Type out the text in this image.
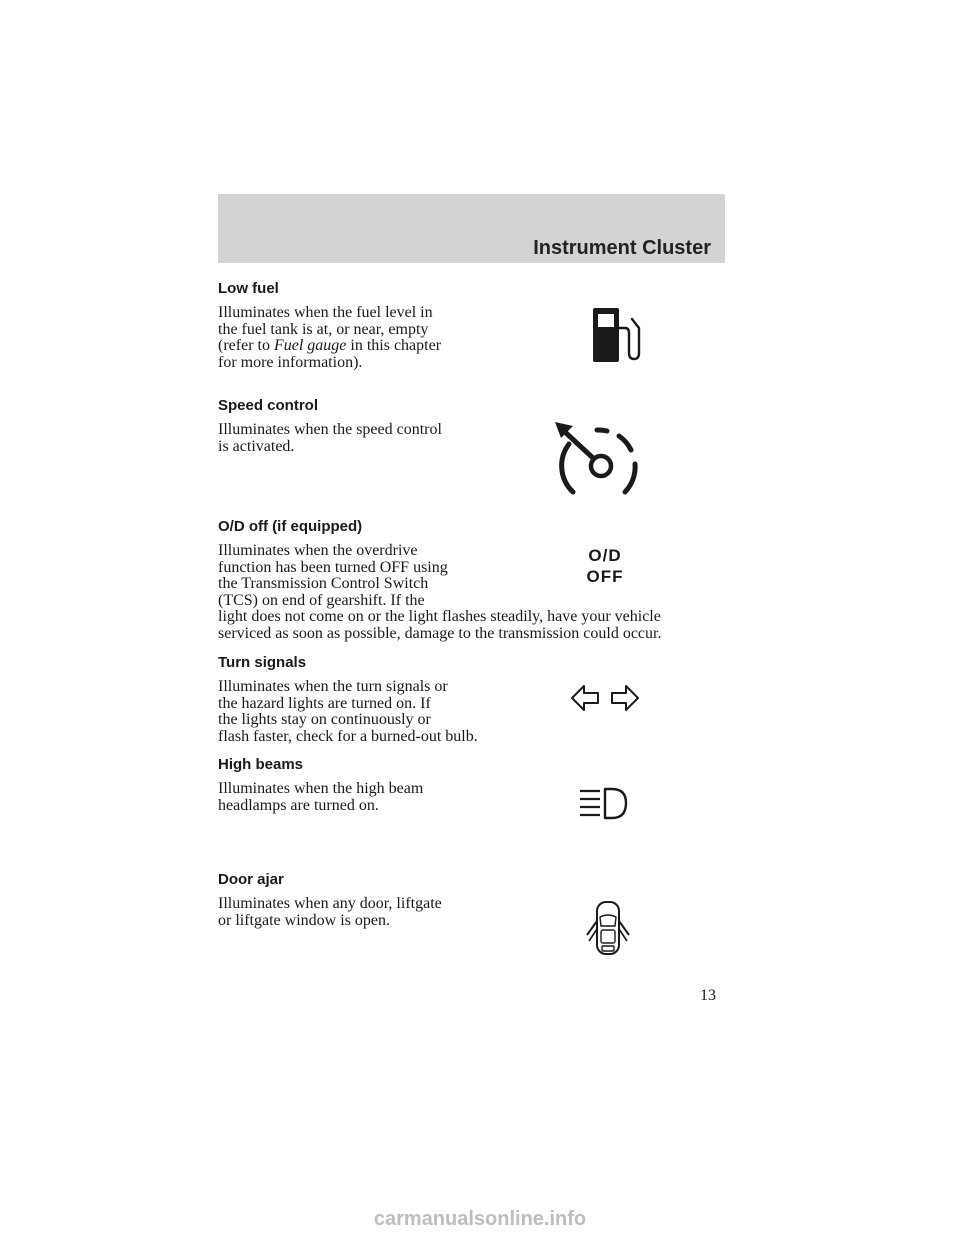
Instrument Cluster
Low fuel
Illuminates when the fuel level in
the fuel tank is at, or near, empty
(refer to Fuel gauge in this chapter
for more information).
Speed control
Illuminates when the speed control
is activated.
O/D off (if equipped)
Illuminates when the overdrive
function has been turned OFF using
the Transmission Control Switch
(TCS) on end of gearshift. If the
light does not come on or the light flashes steadily, have your vehicle
serviced as soon as possible, damage to the transmission could occur.
O/D
OFF
Turn signals
Illuminates when the turn signals or
the hazard lights are turned on. If
the lights stay on continuously or
flash faster, check for a burned-out bulb.
High beams
Illuminates when the high beam
headlamps are turned on.
Door ajar
Illuminates when any door, liftgate
or liftgate window is open.
13
carmanualsonline.info
